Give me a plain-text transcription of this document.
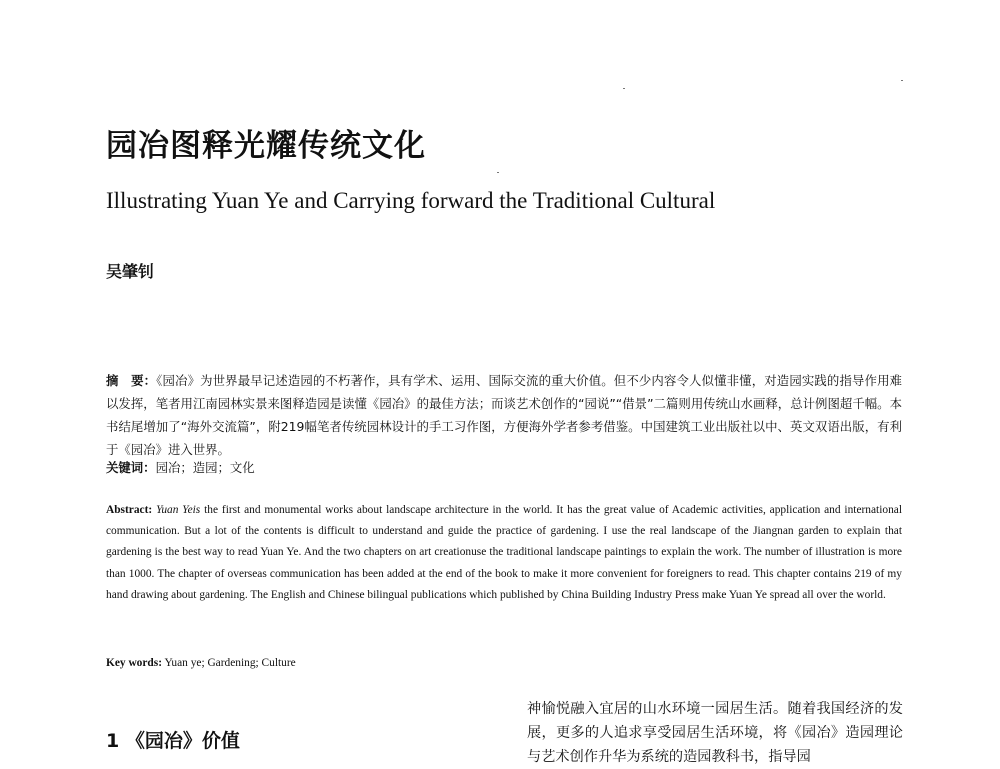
园冶图释光耀传统文化
Illustrating Yuan Ye and Carrying forward the Traditional Cultural
吴肇钊
摘　要：《园冶》为世界最早记述造园的不朽著作，具有学术、运用、国际交流的重大价值。但不少内容令人似懂非懂，对造园实践的指导作用难以发挥，笔者用江南园林实景来图释造园是读懂《园冶》的最佳方法；而谈艺术创作的“园说”“借景”二篇则用传统山水画释，总计例图超千幅。本书结尾增加了“海外交流篇”，附219幅笔者传统园林设计的手工习作图，方便海外学者参考借鉴。中国建筑工业出版社以中、英文双语出版，有利于《园冶》进入世界。
关键词：园冶；造园；文化
Abstract: Yuan Yeis the first and monumental works about landscape architecture in the world. It has the great value of Academic activities, application and international communication. But a lot of the contents is difficult to understand and guide the practice of gardening. I use the real landscape of the Jiangnan garden to explain that gardening is the best way to read Yuan Ye. And the two chapters on art creationuse the traditional landscape paintings to explain the work. The number of illustration is more than 1000. The chapter of overseas communication has been added at the end of the book to make it more convenient for foreigners to read. This chapter contains 219 of my hand drawing about gardening. The English and Chinese bilingual publications which published by China Building Industry Press make Yuan Ye spread all over the world.
Key words: Yuan ye; Gardening; Culture
1 《园冶》价值
神愉悦融入宜居的山水环境一园居生活。随着我国经济的发展，更多的人追求享受园居生活环境，将《园冶》造园理论与艺术创作升华为系统的造园教科书，指导园
